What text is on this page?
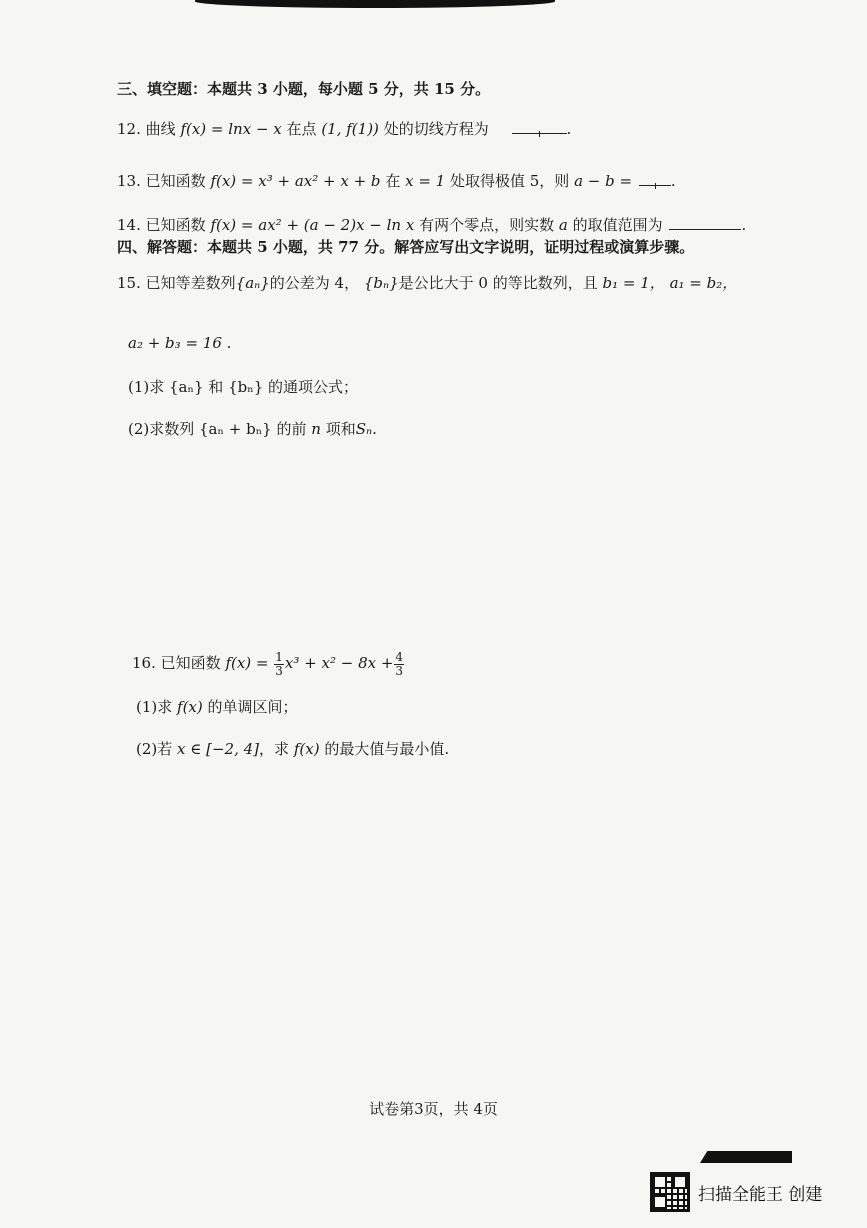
三、填空题：本题共 3 小题，每小题 5 分，共 15 分。
12. 曲线 f(x) = lnx − x 在点 (1, f(1)) 处的切线方程为	.
13. 已知函数 f(x) = x³ + ax² + x + b 在 x = 1 处取得极值 5，则 a − b =	.
14. 已知函数 f(x) = ax² + (a − 2)x − ln x 有两个零点，则实数 a 的取值范围为	.
四、解答题：本题共 5 小题，共 77 分。解答应写出文字说明，证明过程或演算步骤。
15. 已知等差数列{aₙ}的公差为 4， {bₙ}是公比大于 0 的等比数列，且 b₁ = 1， a₁ = b₂，
a₂ + b₃ = 16 .
(1)求 {aₙ} 和 {bₙ} 的通项公式；
(2)求数列 {aₙ + bₙ} 的前 n 项和Sₙ.
16. 已知函数 $f(x) = \frac{1}{3} x^3 + x^2 - 8x + \frac{4}{3}$
(1)求 f(x) 的单调区间；
(2)若 x ∈ [−2, 4]，求 f(x) 的最大值与最小值.
试卷第3页，共 4页
扫描全能王 创建
